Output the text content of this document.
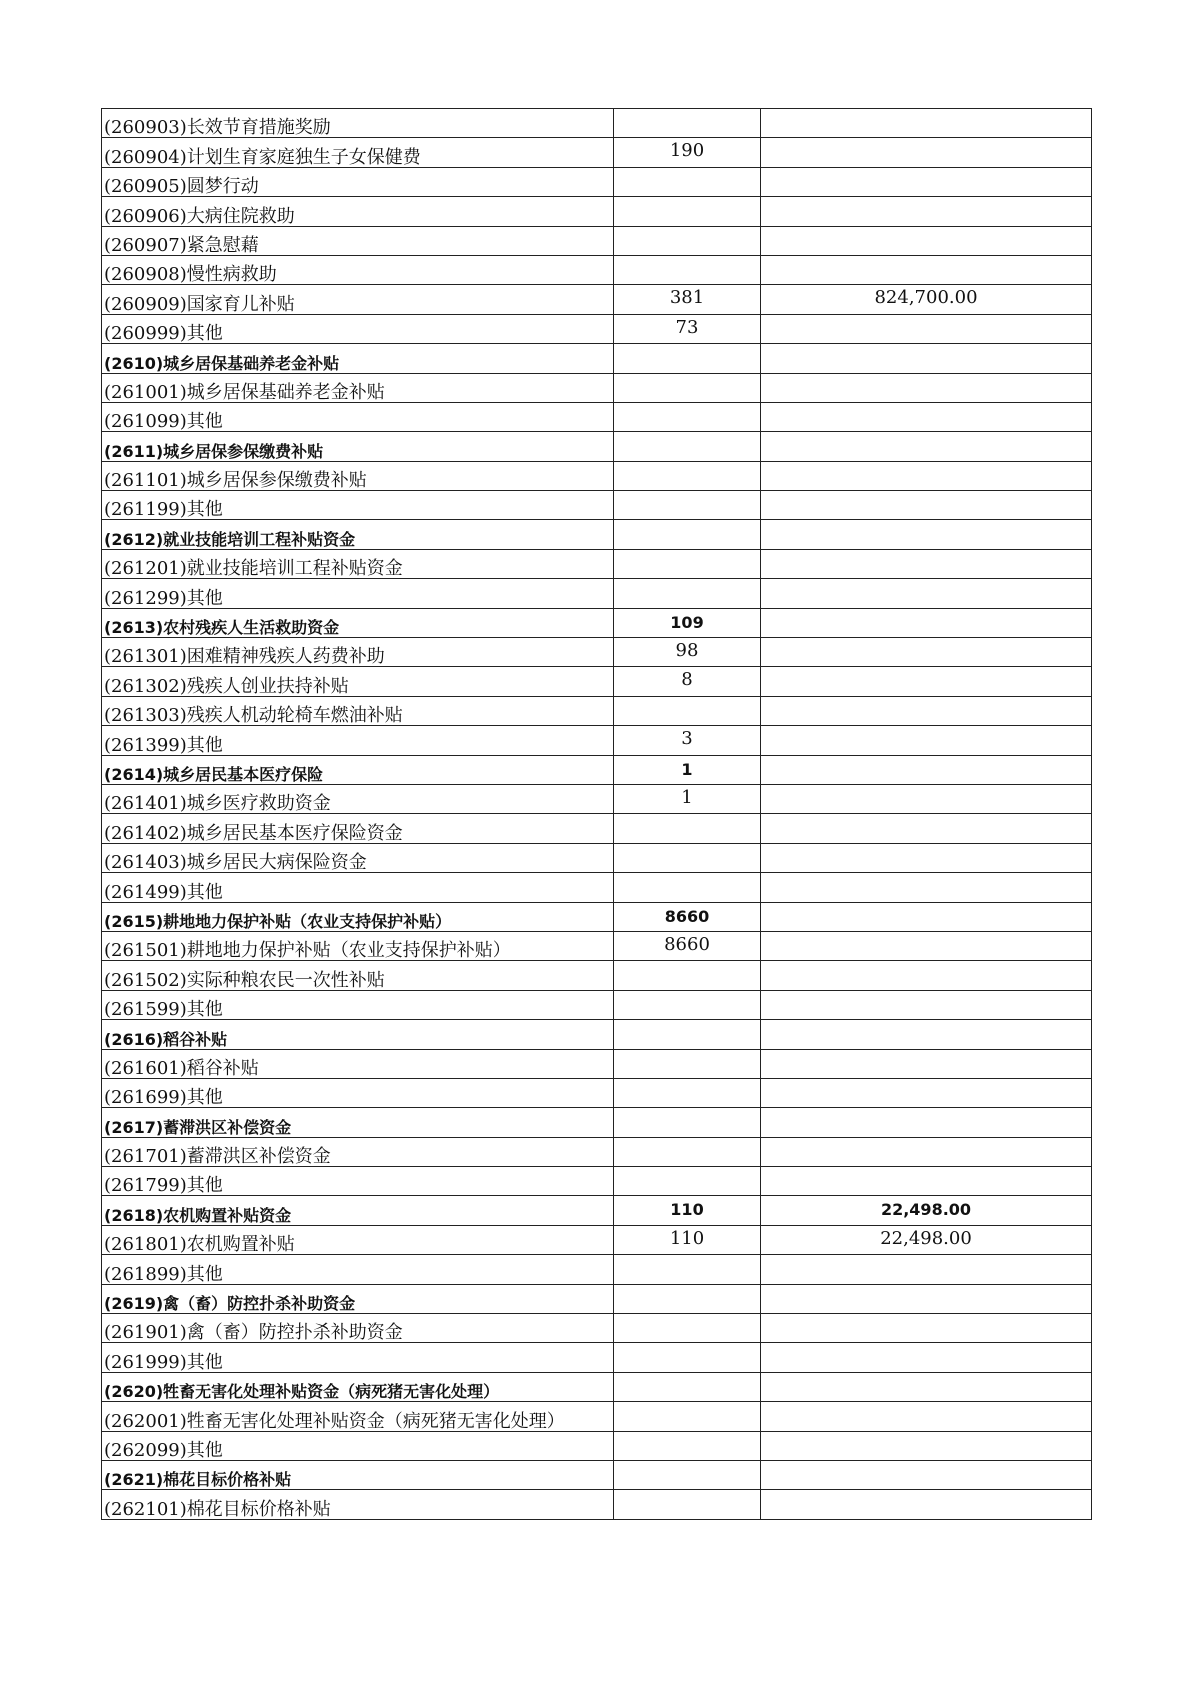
(260903)长效节育措施奖励		
(260904)计划生育家庭独生子女保健费	190	
(260905)圆梦行动		
(260906)大病住院救助		
(260907)紧急慰藉		
(260908)慢性病救助		
(260909)国家育儿补贴	381	824,700.00
(260999)其他	73	
(2610)城乡居保基础养老金补贴		
(261001)城乡居保基础养老金补贴		
(261099)其他		
(2611)城乡居保参保缴费补贴		
(261101)城乡居保参保缴费补贴		
(261199)其他		
(2612)就业技能培训工程补贴资金		
(261201)就业技能培训工程补贴资金		
(261299)其他		
(2613)农村残疾人生活救助资金	109	
(261301)困难精神残疾人药费补助	98	
(261302)残疾人创业扶持补贴	8	
(261303)残疾人机动轮椅车燃油补贴		
(261399)其他	3	
(2614)城乡居民基本医疗保险	1	
(261401)城乡医疗救助资金	1	
(261402)城乡居民基本医疗保险资金		
(261403)城乡居民大病保险资金		
(261499)其他		
(2615)耕地地力保护补贴（农业支持保护补贴）	8660	
(261501)耕地地力保护补贴（农业支持保护补贴）	8660	
(261502)实际种粮农民一次性补贴		
(261599)其他		
(2616)稻谷补贴		
(261601)稻谷补贴		
(261699)其他		
(2617)蓄滞洪区补偿资金		
(261701)蓄滞洪区补偿资金		
(261799)其他		
(2618)农机购置补贴资金	110	22,498.00
(261801)农机购置补贴	110	22,498.00
(261899)其他		
(2619)禽（畜）防控扑杀补助资金		
(261901)禽（畜）防控扑杀补助资金		
(261999)其他		
(2620)牲畜无害化处理补贴资金（病死猪无害化处理）		
(262001)牲畜无害化处理补贴资金（病死猪无害化处理）		
(262099)其他		
(2621)棉花目标价格补贴		
(262101)棉花目标价格补贴		
